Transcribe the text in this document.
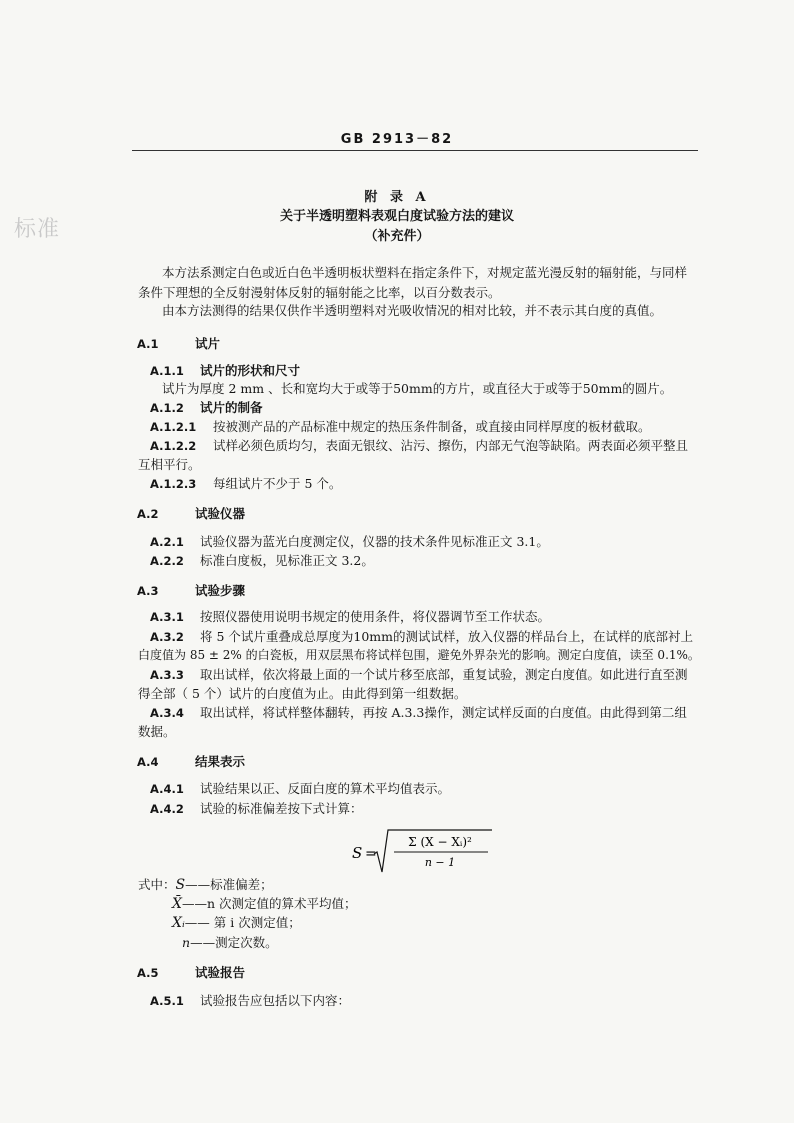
GB 2913－82
标准
附 录 A
关于半透明塑料表观白度试验方法的建议
（补充件）
本方法系测定白色或近白色半透明板状塑料在指定条件下，对规定蓝光漫反射的辐射能，与同样
条件下理想的全反射漫射体反射的辐射能之比率，以百分数表示。
由本方法测得的结果仅供作半透明塑料对光吸收情况的相对比较，并不表示其白度的真值。
A.1	试片
A.1.1 试片的形状和尺寸
试片为厚度 2 mm 、长和宽均大于或等于50mm的方片，或直径大于或等于50mm的圆片。
A.1.2 试片的制备
A.1.2.1 按被测产品的产品标准中规定的热压条件制备，或直接由同样厚度的板材截取。
A.1.2.2 试样必须色质均匀，表面无银纹、沾污、擦伤，内部无气泡等缺陷。两表面必须平整且
互相平行。
A.1.2.3 每组试片不少于 5 个。
A.2	试验仪器
A.2.1 试验仪器为蓝光白度测定仪，仪器的技术条件见标准正文 3.1。
A.2.2 标准白度板，见标准正文 3.2。
A.3	试验步骤
A.3.1 按照仪器使用说明书规定的使用条件，将仪器调节至工作状态。
A.3.2 将 5 个试片重叠成总厚度为10mm的测试试样，放入仪器的样品台上，在试样的底部衬上
白度值为 85 ± 2% 的白瓷板，用双层黑布将试样包围，避免外界杂光的影响。测定白度值，读至 0.1%。
A.3.3 取出试样，依次将最上面的一个试片移至底部，重复试验，测定白度值。如此进行直至测
得全部（ 5 个）试片的白度值为止。由此得到第一组数据。
A.3.4 取出试样，将试样整体翻转，再按 A.3.3操作，测定试样反面的白度值。由此得到第二组
数据。
A.4	结果表示
A.4.1 试验结果以正、反面白度的算术平均值表示。
A.4.2 试验的标准偏差按下式计算：
S =
Σ (X − Xᵢ)²
n − 1
式中：S——标准偏差；
X̄——n 次测定值的算术平均值；
Xᵢ—— 第 i 次测定值；
n——测定次数。
A.5	试验报告
A.5.1 试验报告应包括以下内容：
